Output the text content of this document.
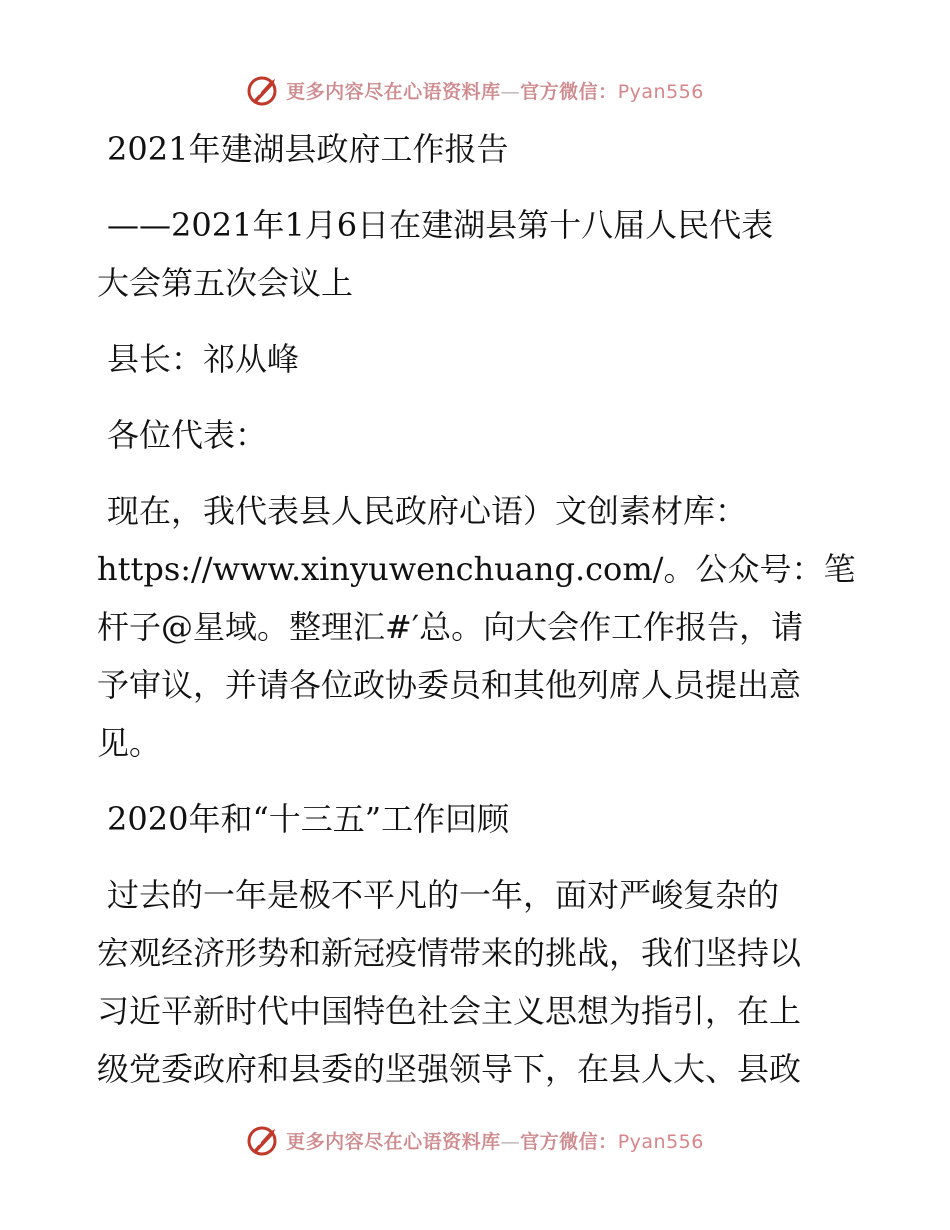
更多内容尽在心语资料库—官方微信：Pyan556
2021年建湖县政府工作报告
——2021年1月6日在建湖县第十八届人民代表
大会第五次会议上
县长：祁从峰
各位代表：
现在，我代表县人民政府心语）文创素材库：
https://www.xinyuwenchuang.com/。公众号：笔
杆子@星域。整理汇#′总。向大会作工作报告，请
予审议，并请各位政协委员和其他列席人员提出意
见。
2020年和“十三五”工作回顾
过去的一年是极不平凡的一年，面对严峻复杂的
宏观经济形势和新冠疫情带来的挑战，我们坚持以
习近平新时代中国特色社会主义思想为指引，在上
级党委政府和县委的坚强领导下，在县人大、县政
更多内容尽在心语资料库—官方微信：Pyan556
